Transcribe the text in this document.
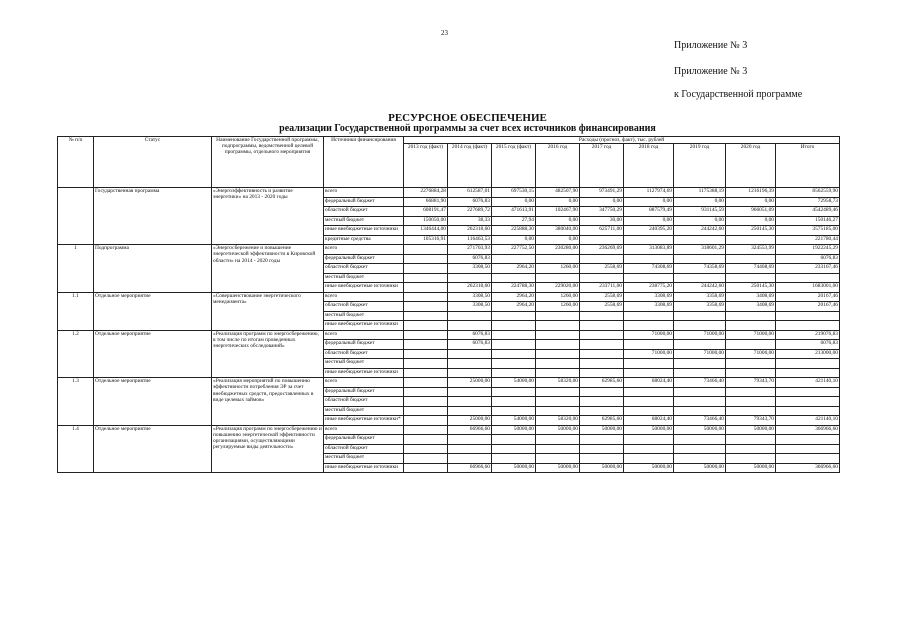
23
Приложение № 3
Приложение № 3
к Государственной программе
РЕСУРСНОЕ ОБЕСПЕЧЕНИЕ
реализации Государственной программы за счет всех источников финансирования
№ п/п	Статус	Наименование Государственной программы, подпрограммы, ведомственной целевой программы, отдельного мероприятия	Источники финансирования	Расходы (прогноз, факт), тыс. рублей								
				2013 год (факт)	2014 год (факт)	2015 год (факт)	2016 год	2017 год	2018 год	2019 год	2020 год	Итого
	Государственная программа	«Энергоэффективность и развитие энергетики» на 2013 - 2020 годы	всего	2276884,28	612587,01	697530,15	482507,90	973491,29	1127974,69	1175388,19	1216196,39	8562559,90
			федеральный бюджет	66881,90	6076,83	0,00	0,00	0,00	0,00	0,00	0,00	72958,73
			областной бюджет	608191,47	227689,72	471613,91	102467,90	347750,29	887579,49	931145,59	966051,09	4542489,46
			местный бюджет	150050,00	38,33	27,94	0,00	30,00	0,00	0,00	0,00	150146,27
			иные внебюджетные источники	1346444,00	262318,60	225888,30	380040,00	625711,00	240395,20	244242,60	250145,30	3575185,00
			кредитные средства	105316,91	116463,53	0,00	0,00					221780,44
1	Подпрограмма	«Энергосбережение и повышение энергетической эффективности в Кировской области» на 2014 - 2020 годы	всего		271703,93	227752,50	230280,00	236269,69	313083,89	318601,29	324553,99	1922245,29
			федеральный бюджет		6076,83							6076,83
			областной бюджет		3308,50	2964,20	1260,00	2558,69	74308,69	74358,69	74408,69	233167,46
			местный бюджет									
			иные внебюджетные источники		262318,60	224788,30	229020,00	233711,00	238775,20	244242,60	250145,30	1683001,00
1.1	Отдельное мероприятие	«Совершенствование энергетического менеджмента»	всего		3308,50	2964,20	1260,00	2558,69	3308,69	3358,69	3408,69	20167,46
			областной бюджет		3308,50	2964,20	1260,00	2558,69	3308,69	3358,69	3408,69	20167,46
			местный бюджет									
			иные внебюджетные источники									
1.2	Отдельное мероприятие	«Реализация программ по энергосбережению, в том числе по итогам проведенных энергетических обследований»	всего		6076,83				71000,00	71000,00	71000,00	219076,83
			федеральный бюджет		6076,83							6076,83
			областной бюджет						71000,00	71000,00	71000,00	213000,00
			местный бюджет									
			иные внебюджетные источники									
1.3	Отдельное мероприятие	«Реализация мероприятий по повышению эффективности потребления ЭР за счет внебюджетных средств, предоставленных в виде целевых займов»	всего		25000,00	54000,00	58320,00	62985,60	68024,40	73466,40	79343,70	421140,10
			федеральный бюджет									
			областной бюджет									
			местный бюджет									
			иные внебюджетные источники*		25000,00	54000,00	58320,00	62985,60	68024,40	73466,40	79343,70	421140,10
1.4	Отдельное мероприятие	«Реализация программ по энергосбережению и повышению энергетической эффективности организациями, осуществляющими регулируемые виды деятельности»	всего		66966,60	50000,00	50000,00	50000,00	50000,00	50000,00	50000,00	366966,60
			федеральный бюджет									
			областной бюджет									
			местный бюджет									
			иные внебюджетные источники		66966,60	50000,00	50000,00	50000,00	50000,00	50000,00	50000,00	366966,60
